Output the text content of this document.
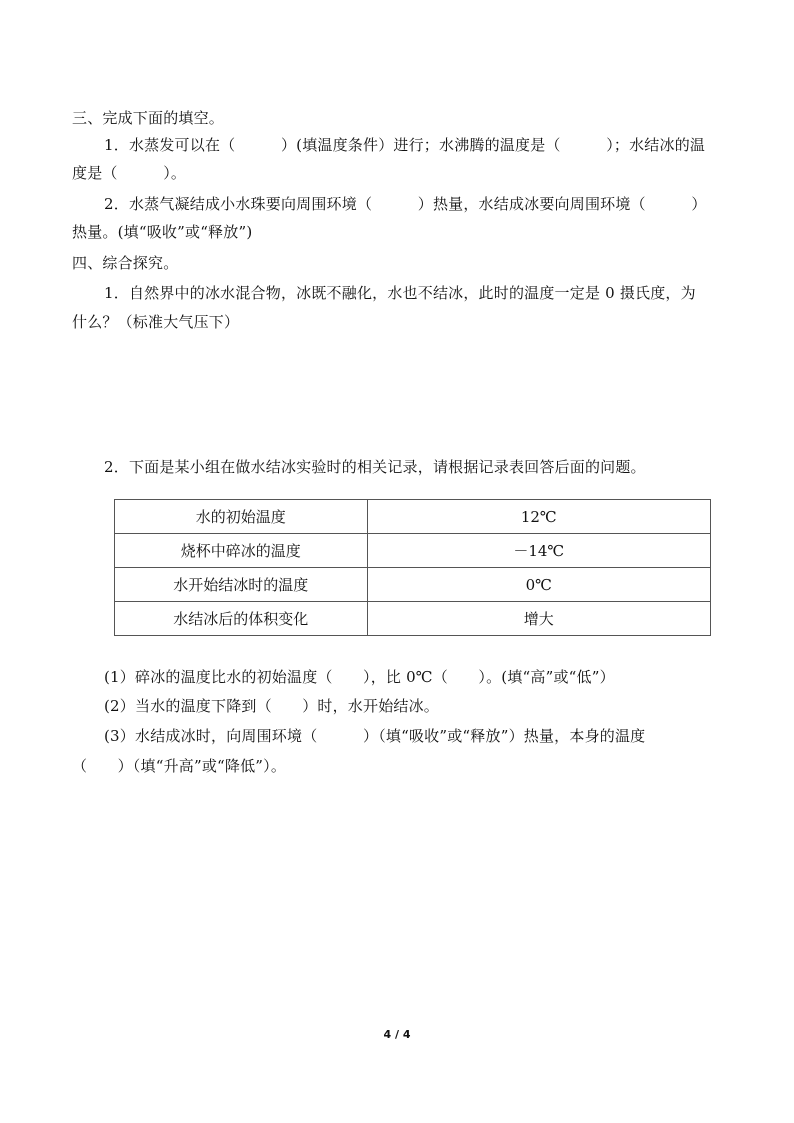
三、完成下面的填空。
1．水蒸发可以在（　　　）(填温度条件）进行；水沸腾的温度是（　　　）；水结冰的温
度是（　　　）。
2．水蒸气凝结成小水珠要向周围环境（　　　）热量，水结成冰要向周围环境（　　　）
热量。(填“吸收”或“释放”)
四、综合探究。
1．自然界中的冰水混合物，冰既不融化，水也不结冰，此时的温度一定是 0 摄氏度，为
什么？（标准大气压下）
2．下面是某小组在做水结冰实验时的相关记录，请根据记录表回答后面的问题。
水的初始温度	12℃
烧杯中碎冰的温度	－14℃
水开始结冰时的温度	0℃
水结冰后的体积变化	增大
(1）碎冰的温度比水的初始温度（　　），比 0℃（　　）。(填“高”或“低”）
(2）当水的温度下降到（　　）时，水开始结冰。
(3）水结成冰时，向周围环境（　　　）（填“吸收”或“释放”）热量，本身的温度
（　　）（填“升高”或“降低”）。
4 / 4
